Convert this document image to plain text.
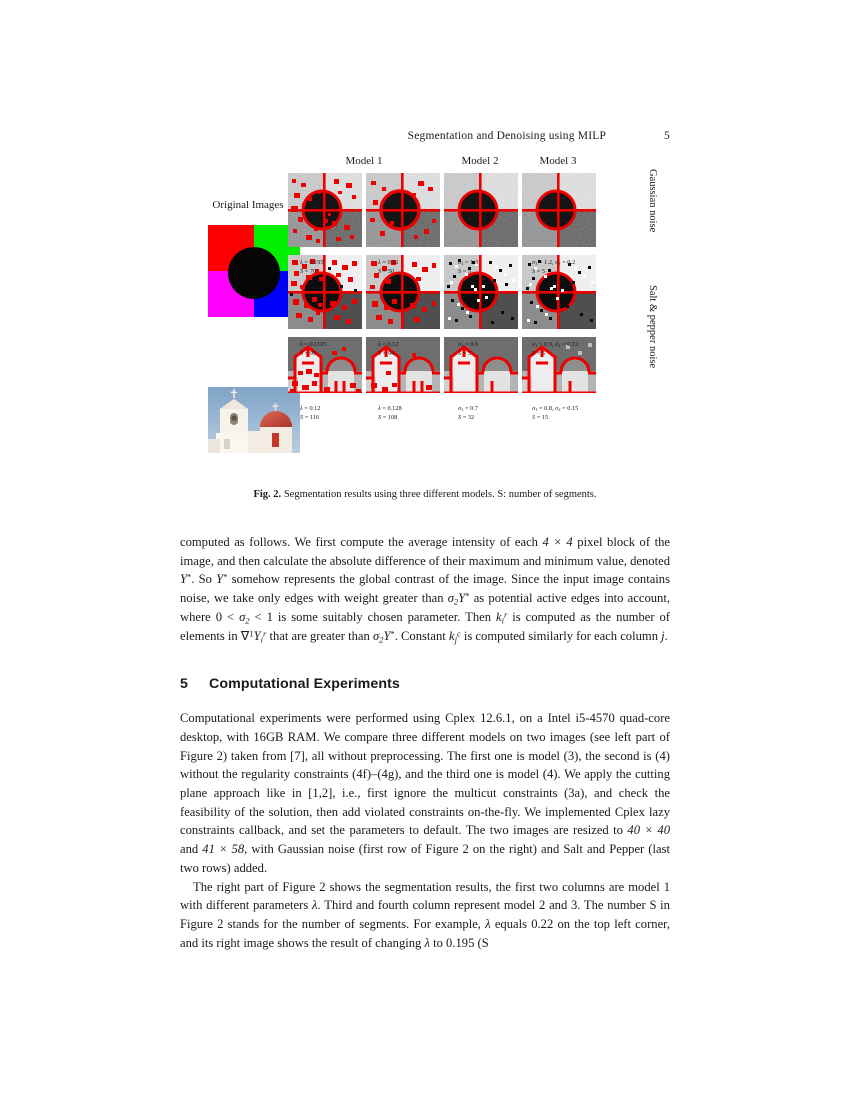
Segmentation and Denoising using MILP	5
Model 1	Model 2	Model 3
Original Images
λ = 0.195
S = 70
λ = 0.22
S = 50
σ1 = 1.3
S = 5
σ1 = 1.2, σ2 = 0.2
S = 5
λ = 0.1105
S = 99
λ = 0.12
S = 94
σ1 = 0.9
S = 5
σ1 = 0.9, σ2 = 0.12
S = 5
λ = 0.12
S = 116
λ = 0.128
S = 108
σ1 = 0.7
S = 32
σ1 = 0.8, σ2 = 0.15
S = 15
Gaussian noise
Salt & pepper noise
Fig. 2. Segmentation results using three different models. S: number of segments.

computed as follows. We first compute the average intensity of each 4 × 4 pixel block of the image, and then calculate the absolute difference of their maximum and minimum value, denoted Y*. So Y* somehow represents the global contrast of the image. Since the input image contains noise, we take only edges with weight greater than $\sigma_2Y^*$ as potential active edges into account, where $0 < \sigma_2 < 1$ is some suitably chosen parameter. Then $k_i^r$ is computed as the number of elements in $\nabla^1Y_i^r$ that are greater than $\sigma_2Y^*$. Constant $k_j^c$ is computed similarly for each column j.

5 Computational Experiments

Computational experiments were performed using Cplex 12.6.1, on a Intel i5-4570 quad-core desktop, with 16GB RAM. We compare three different models on two images (see left part of Figure 2) taken from [7], all without preprocessing. The first one is model (3), the second is (4) without the regularity constraints (4f)–(4g), and the third one is model (4). We apply the cutting plane approach like in [1,2], i.e., first ignore the multicut constraints (3a), and check the feasibility of the solution, then add violated constraints on-the-fly. We implemented Cplex lazy constraints callback, and set the parameters to default. The two images are resized to 40 × 40 and 41 × 58, with Gaussian noise (first row of Figure 2 on the right) and Salt and Pepper (last two rows) added.

The right part of Figure 2 shows the segmentation results, the first two columns are model 1 with different parameters λ. Third and fourth column represent model 2 and 3. The number S in Figure 2 stands for the number of segments. For example, λ equals 0.22 on the top left corner, and its right image shows the result of changing λ to 0.195 (S
